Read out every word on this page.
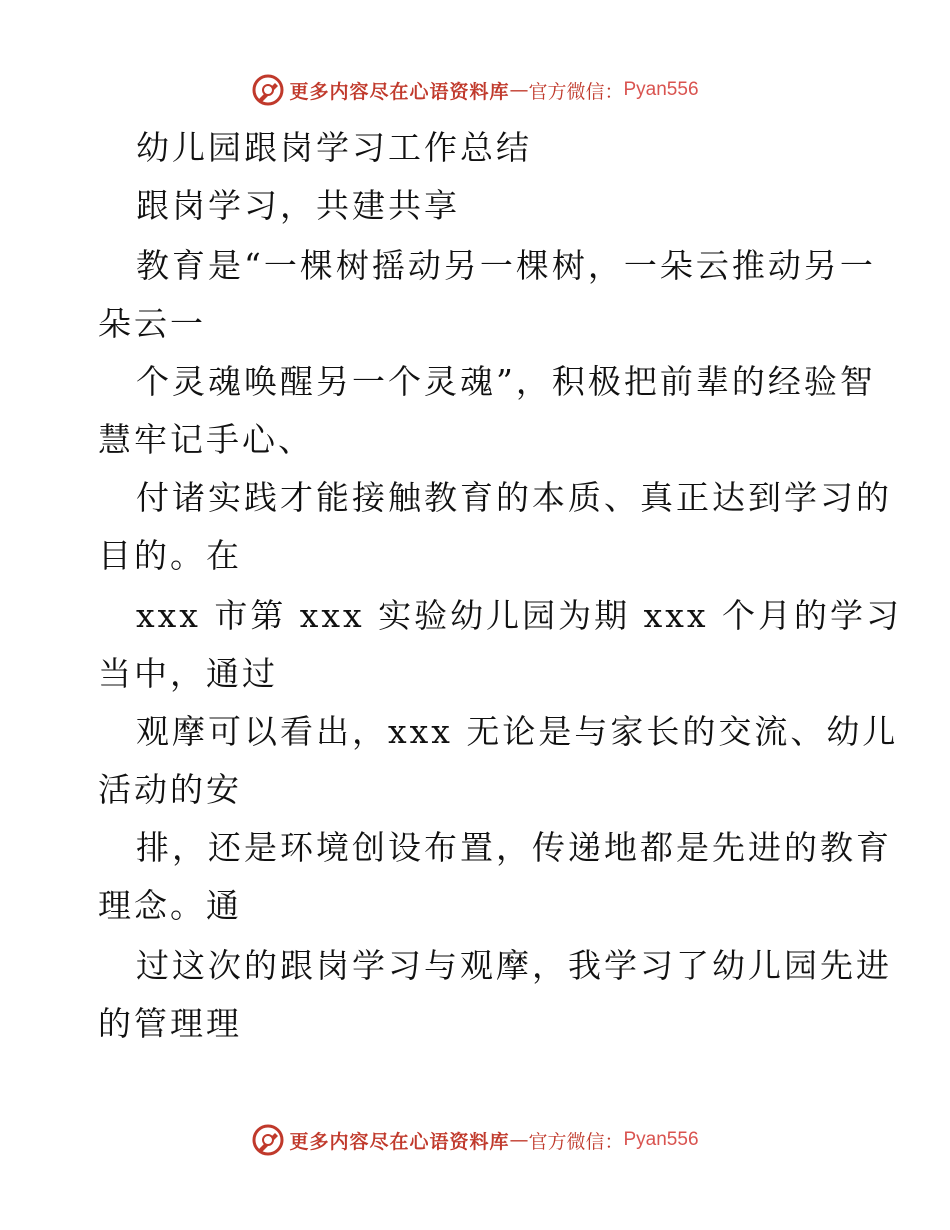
更多内容尽在心语资料库 — 官方微信： Pyan556
幼儿园跟岗学习工作总结
跟岗学习，共建共享
教育是“一棵树摇动另一棵树，一朵云推动另一
朵云一
个灵魂唤醒另一个灵魂”，积极把前辈的经验智
慧牢记手心、
付诸实践才能接触教育的本质、真正达到学习的
目的。在
xxx 市第 xxx 实验幼儿园为期 xxx 个月的学习
当中，通过
观摩可以看出，xxx 无论是与家长的交流、幼儿
活动的安
排，还是环境创设布置，传递地都是先进的教育
理念。通
过这次的跟岗学习与观摩，我学习了幼儿园先进
的管理理
更多内容尽在心语资料库 — 官方微信： Pyan556
